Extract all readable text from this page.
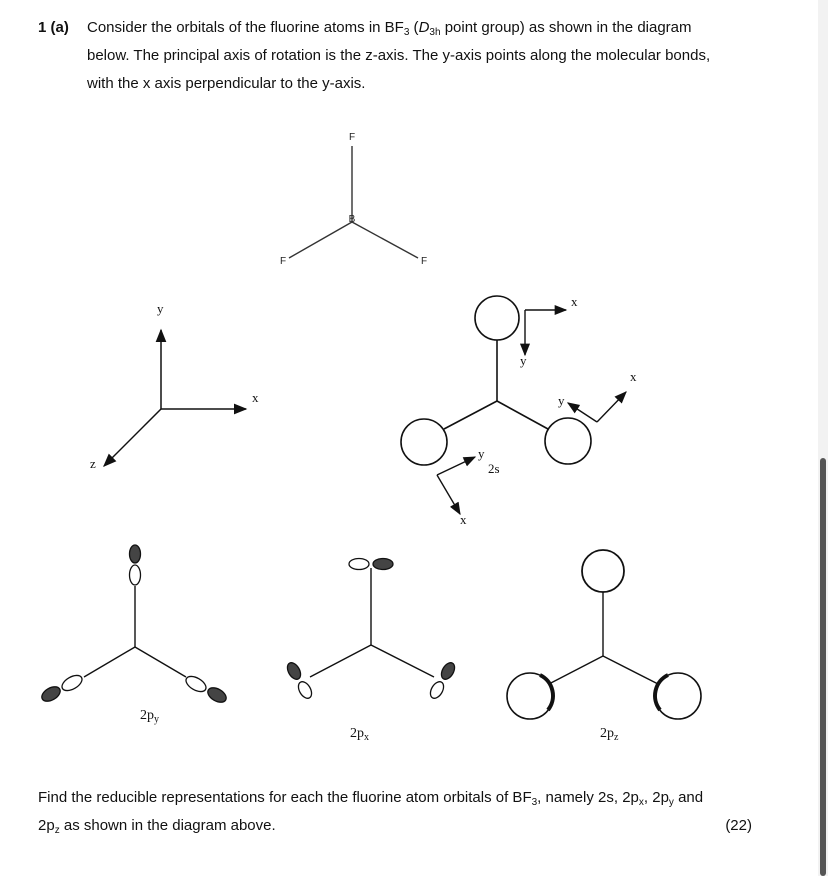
1 (a) Consider the orbitals of the fluorine atoms in $BF_3$ ($D_{3h}$ point group) as shown in the diagram
below. The principal axis of rotation is the z-axis. The y-axis points along the molecular bonds,
with the x axis perpendicular to the y-axis.
F
B
F	F
y
x
z
x
y
x
y
x
y
2s
$2p_y$
$2p_x$	$2p_z$
Find the reducible representations for each the fluorine atom orbitals of $BF_3$, namely 2s, $2p_x$, $2p_y$ and
$2p_z$ as shown in the diagram above.	(22)
